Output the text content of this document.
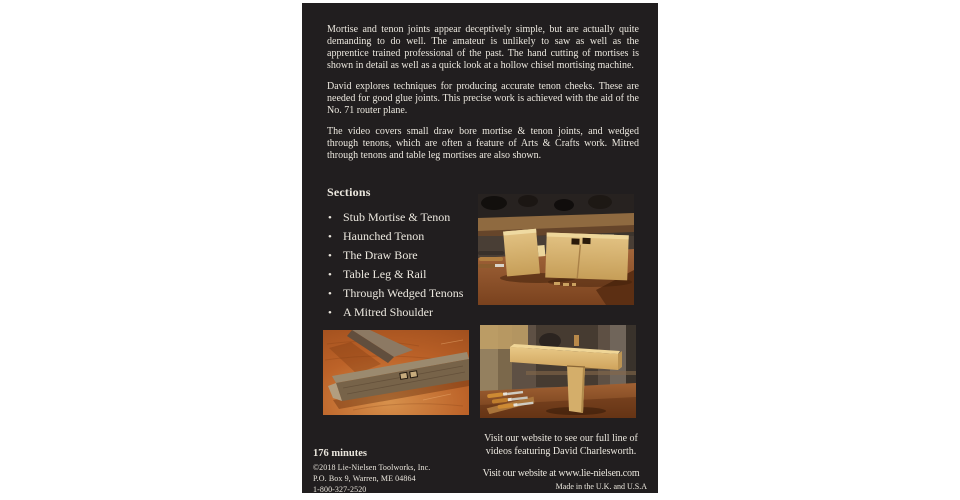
Mortise and tenon joints appear deceptively simple, but are actually quite demanding to do well. The amateur is unlikely to saw as well as the apprentice trained professional of the past. The hand cutting of mortises is shown in detail as well as a quick look at a hollow chisel mortising machine.

David explores techniques for producing accurate tenon cheeks. These are needed for good glue joints. This precise work is achieved with the aid of the No. 71 router plane.

The video covers small draw bore mortise & tenon joints, and wedged through tenons, which are often a feature of Arts & Crafts work. Mitred through tenons and table leg mortises are also shown.

Sections
• Stub Mortise & Tenon
• Haunched Tenon
• The Draw Bore
• Table Leg & Rail
• Through Wedged Tenons
• A Mitred Shoulder
176 minutes
©2018 Lie-Nielsen Toolworks, Inc.
P.O. Box 9, Warren, ME 04864
1-800-327-2520
Visit our website to see our full line of
videos featuring David Charlesworth.
Visit our website at www.lie-nielsen.com
Made in the U.K. and U.S.A
